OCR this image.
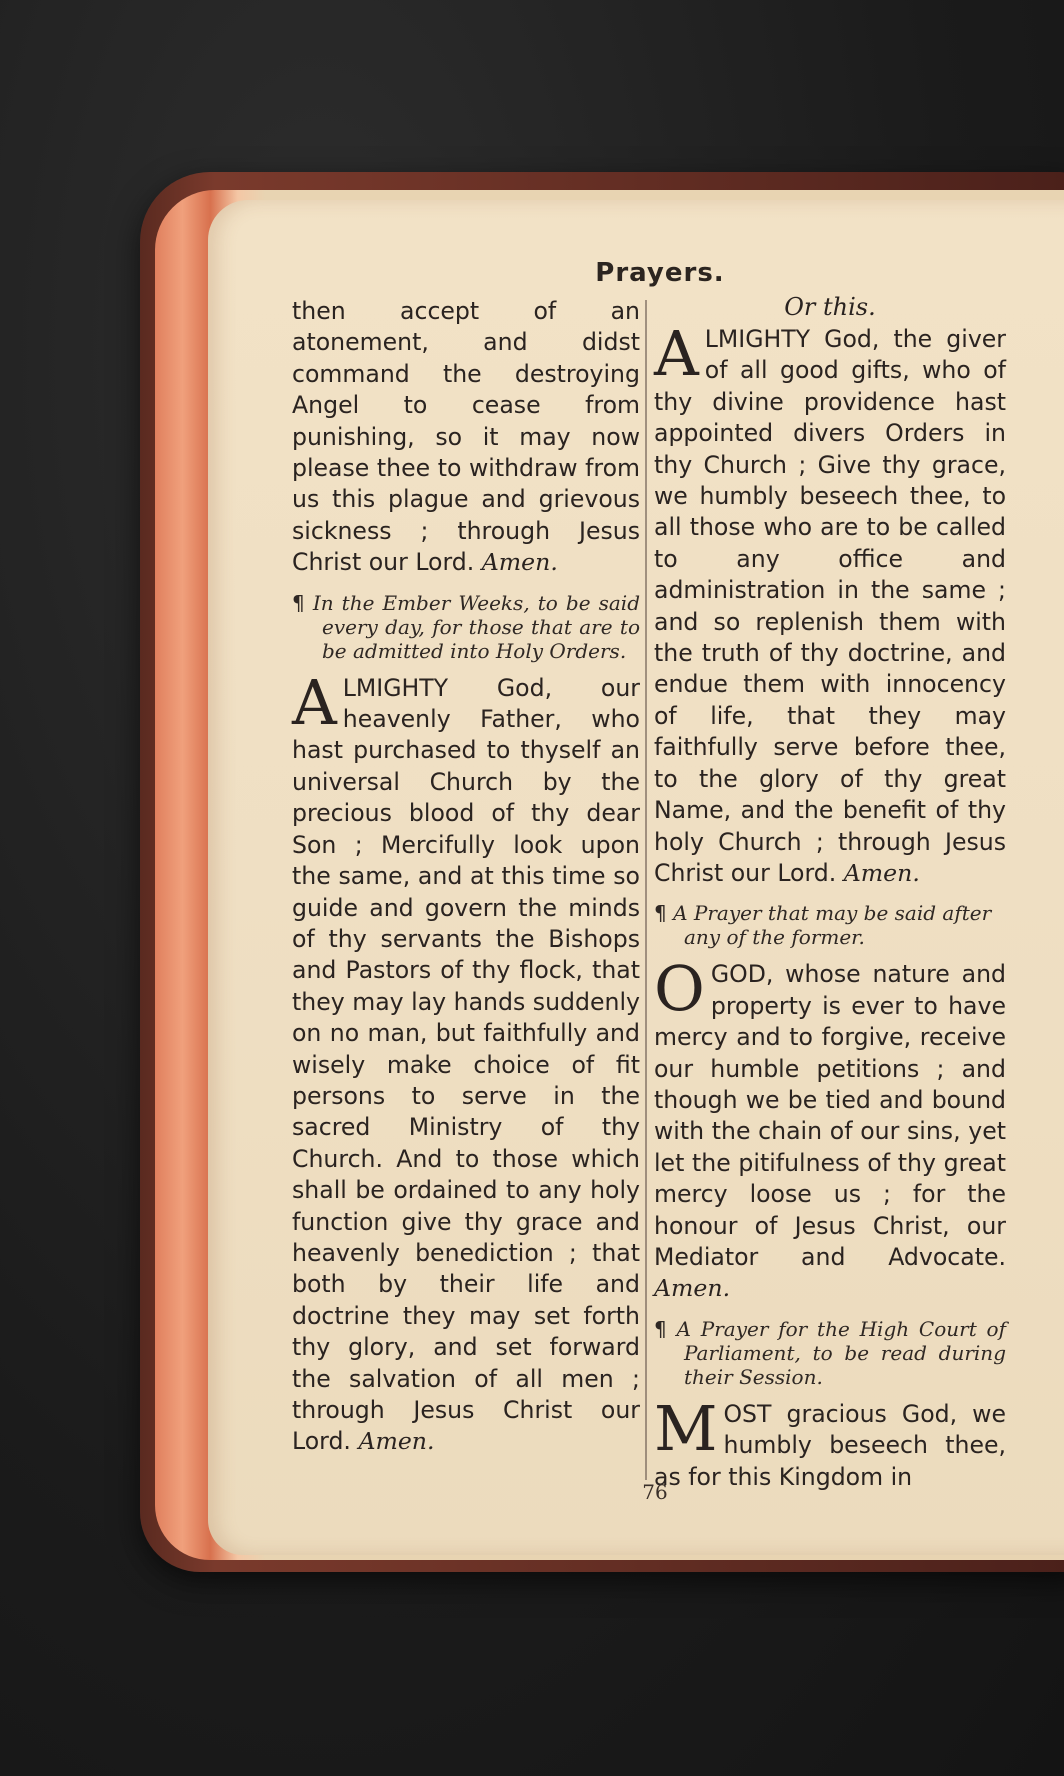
Prayers.

then accept of an atonement, and didst command the destroying Angel to cease from punishing, so it may now please thee to withdraw from us this plague and grievous sickness ; through Jesus Christ our Lord. Amen.

¶ In the Ember Weeks, to be said every day, for those that are to be admitted into Holy Orders.

ALMIGHTY God, our heavenly Father, who hast purchased to thyself an universal Church by the precious blood of thy dear Son ; Mercifully look upon the same, and at this time so guide and govern the minds of thy servants the Bishops and Pastors of thy flock, that they may lay hands suddenly on no man, but faithfully and wisely make choice of fit persons to serve in the sacred Ministry of thy Church. And to those which shall be ordained to any holy function give thy grace and heavenly benediction ; that both by their life and doctrine they may set forth thy glory, and set forward the salvation of all men ; through Jesus Christ our Lord. Amen.

Or this.

ALMIGHTY God, the giver of all good gifts, who of thy divine providence hast appointed divers Orders in thy Church ; Give thy grace, we humbly beseech thee, to all those who are to be called to any office and administration in the same ; and so replenish them with the truth of thy doctrine, and endue them with innocency of life, that they may faithfully serve before thee, to the glory of thy great Name, and the benefit of thy holy Church ; through Jesus Christ our Lord. Amen.

¶ A Prayer that may be said after any of the former.

OGOD, whose nature and property is ever to have mercy and to forgive, receive our humble petitions ; and though we be tied and bound with the chain of our sins, yet let the pitifulness of thy great mercy loose us ; for the honour of Jesus Christ, our Mediator and Advocate. Amen.

¶ A Prayer for the High Court of Parliament, to be read during their Session.

MOST gracious God, we humbly beseech thee, as for this Kingdom in

76
